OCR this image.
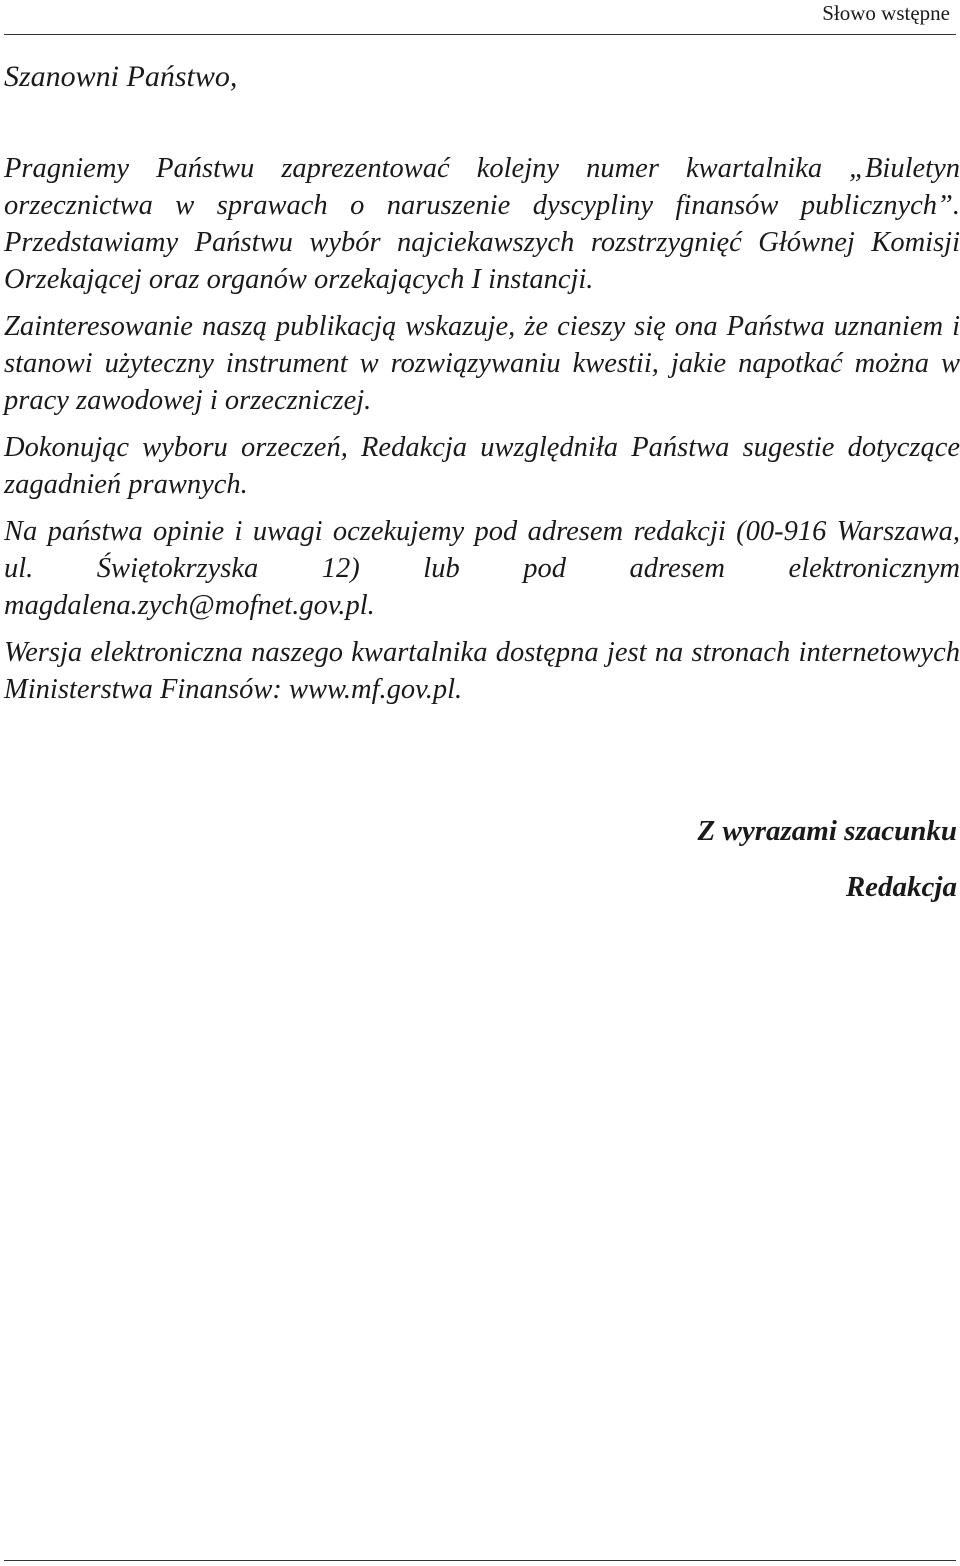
Słowo wstępne
Szanowni Państwo,

Pragniemy Państwu zaprezentować kolejny numer kwartalnika „Biuletyn orzecznictwa w sprawach o naruszenie dyscypliny finansów publicznych”. Przedstawiamy Państwu wybór najciekawszych rozstrzygnięć Głównej Komisji Orzekającej oraz organów orzekających I instancji.

Zainteresowanie naszą publikacją wskazuje, że cieszy się ona Państwa uznaniem i stanowi użyteczny instrument w rozwiązywaniu kwestii, jakie napotkać można w pracy zawodowej i orzeczniczej.

Dokonując wyboru orzeczeń, Redakcja uwzględniła Państwa sugestie dotyczące zagadnień prawnych.

Na państwa opinie i uwagi oczekujemy pod adresem redakcji (00-916 Warszawa, ul. Świętokrzyska 12) lub pod adresem elektronicznym magdalena.zych@mofnet.gov.pl.

Wersja elektroniczna naszego kwartalnika dostępna jest na stronach internetowych Ministerstwa Finansów: www.mf.gov.pl.

Z wyrazami szacunku
Redakcja
